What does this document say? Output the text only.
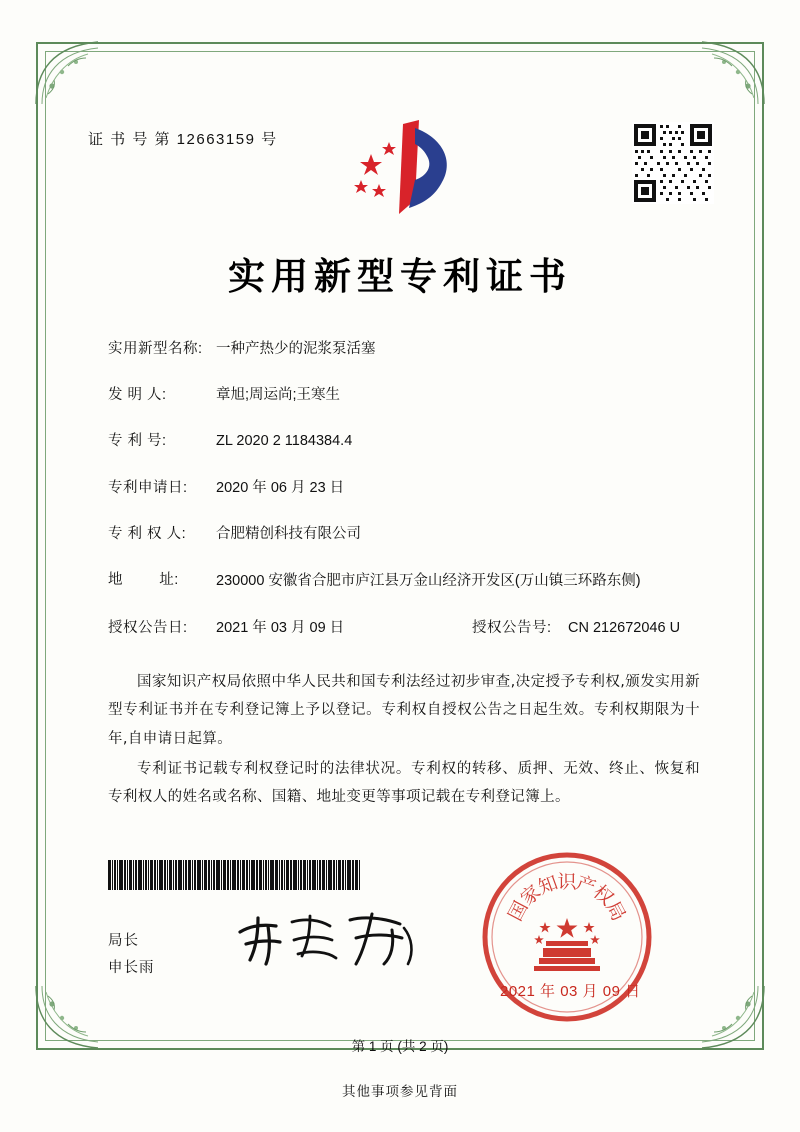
证 书 号 第 12663159 号
实用新型专利证书
实用新型名称: 一种产热少的泥浆泵活塞
发 明 人:	章旭;周运尚;王寒生
专 利 号:	ZL 2020 2 1184384.4
专利申请日:	2020 年 06 月 23 日
专 利 权 人:	合肥精创科技有限公司
地        址:	230000 安徽省合肥市庐江县万金山经济开发区(万山镇三环路东侧)
授权公告日:	2021 年 03 月 09 日	授权公告号:	CN 212672046 U

国家知识产权局依照中华人民共和国专利法经过初步审查,决定授予专利权,颁发实用新型专利证书并在专利登记簿上予以登记。专利权自授权公告之日起生效。专利权期限为十年,自申请日起算。

专利证书记载专利权登记时的法律状况。专利权的转移、质押、无效、终止、恢复和专利权人的姓名或名称、国籍、地址变更等事项记载在专利登记簿上。

局长
申长雨
国
家
知
识
产
权
局
2021 年 03 月 09 日
第 1 页 (共 2 页)
其他事项参见背面
